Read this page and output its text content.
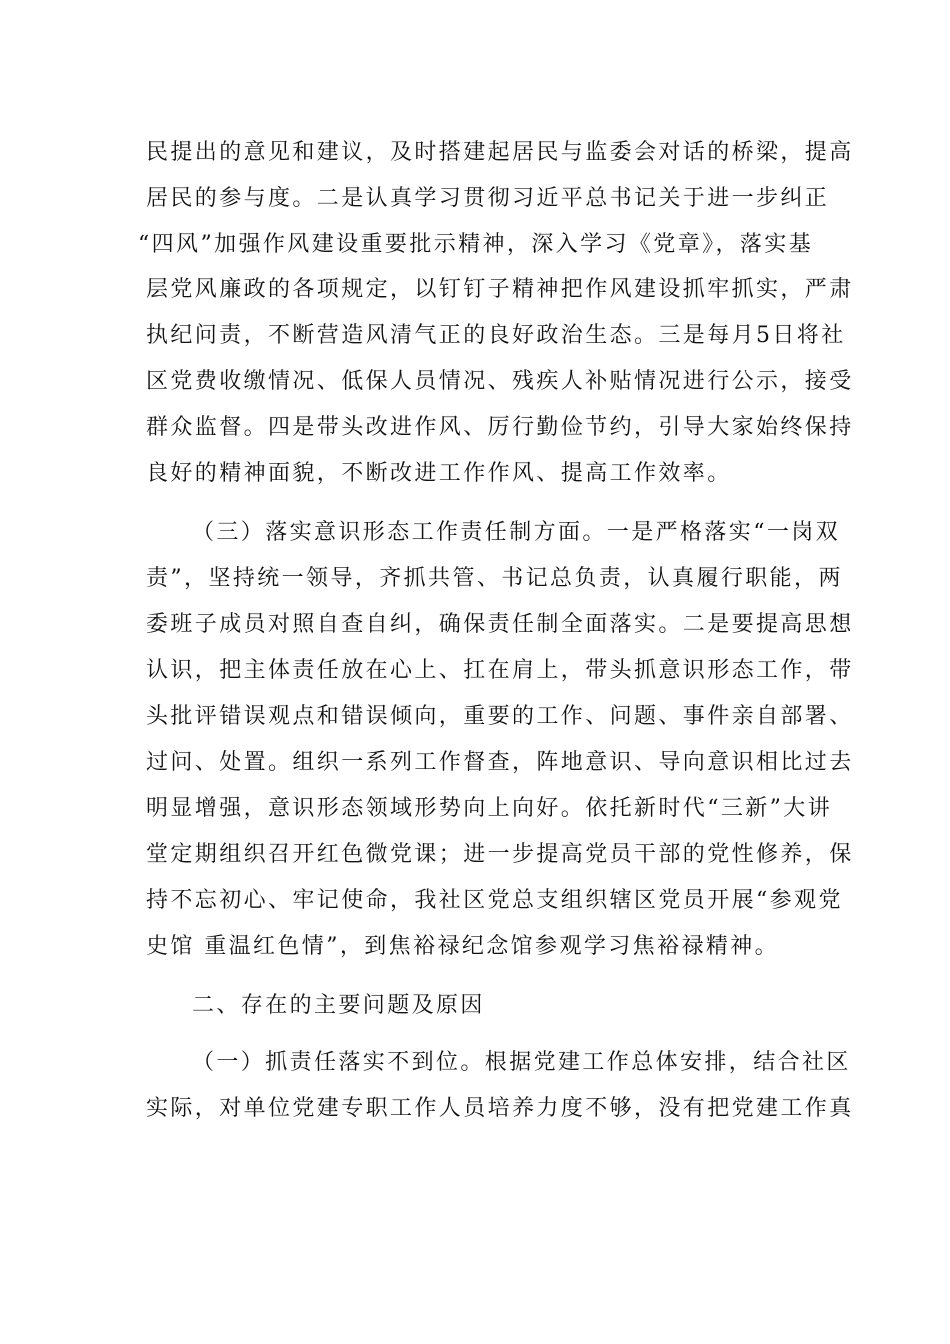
民提出的意见和建议，及时搭建起居民与监委会对话的桥梁，提高
居民的参与度。二是认真学习贯彻习近平总书记关于进一步纠正
“四风”加强作风建设重要批示精神，深入学习《党章》，落实基
层党风廉政的各项规定，以钉钉子精神把作风建设抓牢抓实，严肃
执纪问责，不断营造风清气正的良好政治生态。三是每月5日将社
区党费收缴情况、低保人员情况、残疾人补贴情况进行公示，接受
群众监督。四是带头改进作风、厉行勤俭节约，引导大家始终保持
良好的精神面貌，不断改进工作作风、提高工作效率。
（三）落实意识形态工作责任制方面。一是严格落实“一岗双
责”，坚持统一领导，齐抓共管、书记总负责，认真履行职能，两
委班子成员对照自查自纠，确保责任制全面落实。二是要提高思想
认识，把主体责任放在心上、扛在肩上，带头抓意识形态工作，带
头批评错误观点和错误倾向，重要的工作、问题、事件亲自部署、
过问、处置。组织一系列工作督查，阵地意识、导向意识相比过去
明显增强，意识形态领域形势向上向好。依托新时代“三新”大讲
堂定期组织召开红色微党课；进一步提高党员干部的党性修养，保
持不忘初心、牢记使命，我社区党总支组织辖区党员开展“参观党
史馆 重温红色情”，到焦裕禄纪念馆参观学习焦裕禄精神。
二、存在的主要问题及原因
（一）抓责任落实不到位。根据党建工作总体安排，结合社区
实际，对单位党建专职工作人员培养力度不够，没有把党建工作真
